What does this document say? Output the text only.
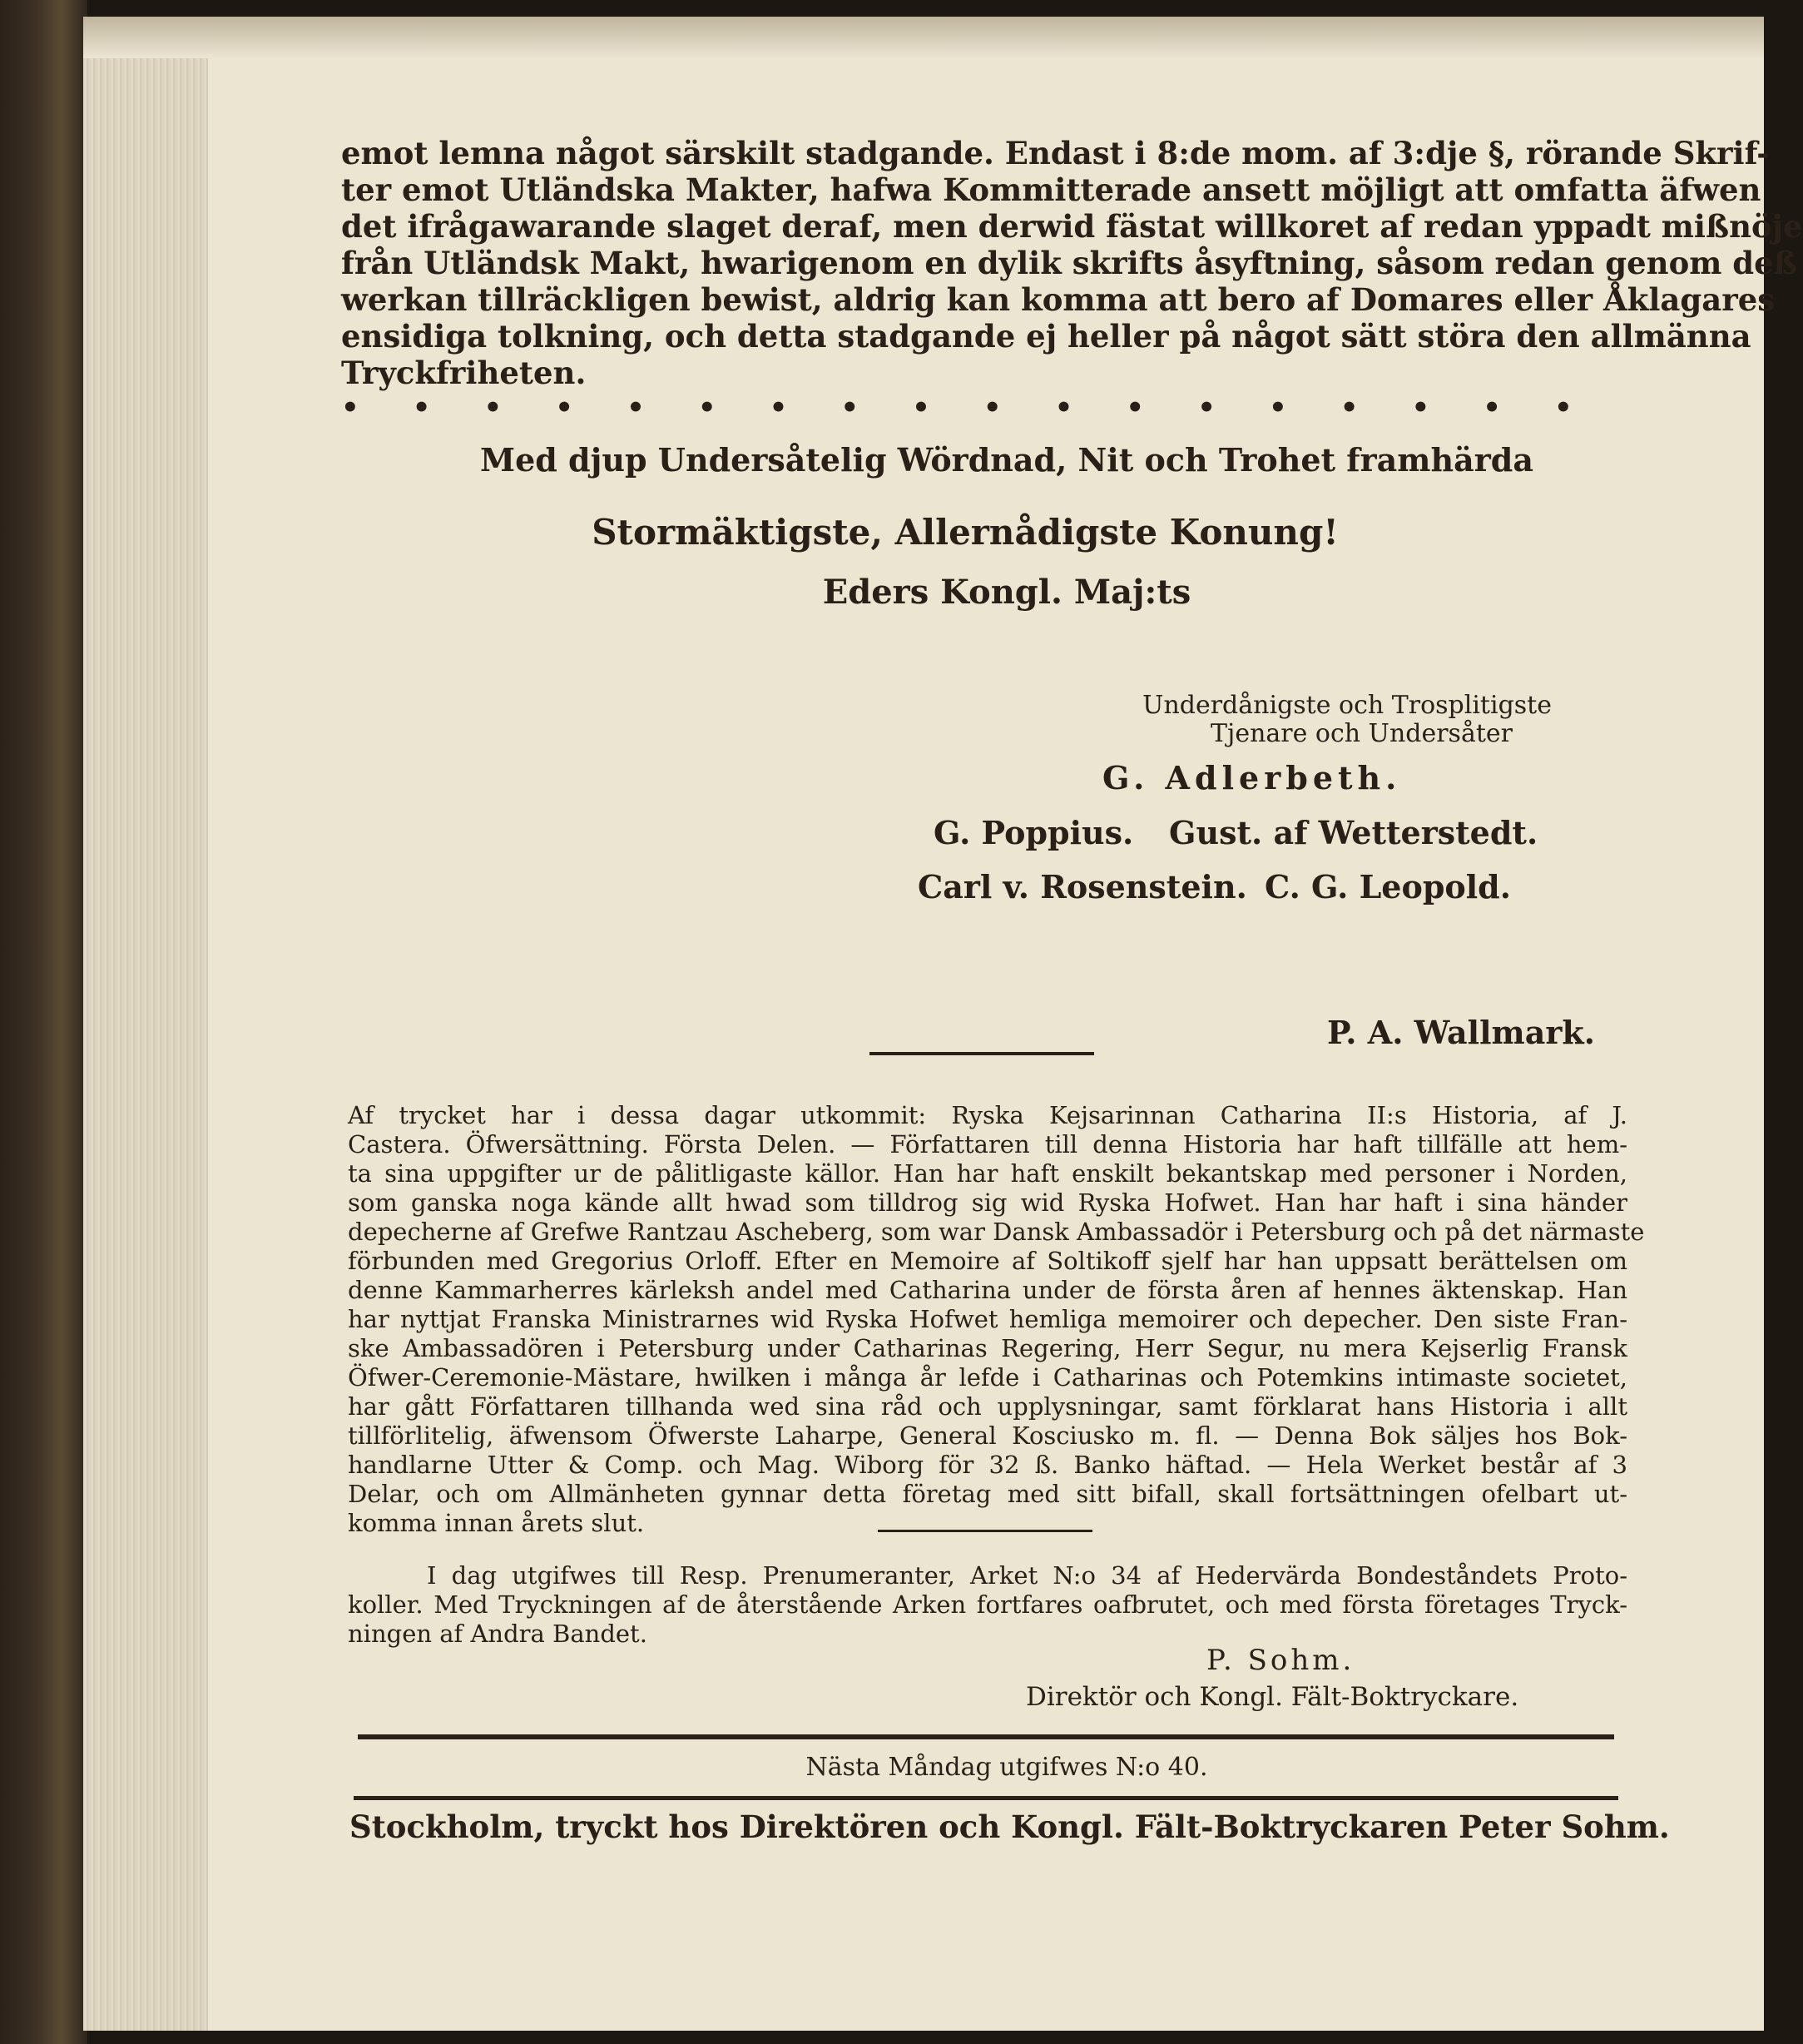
emot lemna något särskilt stadgande. Endast i 8:de mom. af 3:dje §, rörande Skrif-
ter emot Utländska Makter, hafwa Kommitterade ansett möjligt att omfatta äfwen
det ifrågawarande slaget deraf, men derwid fästat willkoret af redan yppadt mißnöje
från Utländsk Makt, hwarigenom en dylik skrifts åsyftning, såsom redan genom deß
werkan tillräckligen bewist, aldrig kan komma att bero af Domares eller Åklagares
ensidiga tolkning, och detta stadgande ej heller på något sätt störa den allmänna
Tryckfriheten.
• • • • • • • • • • • • • • • • • •
Med djup Undersåtelig Wördnad, Nit och Trohet framhärda
Stormäktigste, Allernådigste Konung!
Eders Kongl. Maj:ts
Underdånigste och Trosplitigste
Tjenare och Undersåter
G. Adlerbeth.
G. Poppius. Gust. af Wetterstedt.
Carl v. Rosenstein. C. G. Leopold.
P. A. Wallmark.
Af trycket har i dessa dagar utkommit: Ryska Kejsarinnan Catharina II:s Historia, af J.
Castera. Öfwersättning. Första Delen. — Författaren till denna Historia har haft tillfälle att hem-
ta sina uppgifter ur de pålitligaste källor. Han har haft enskilt bekantskap med personer i Norden,
som ganska noga kände allt hwad som tilldrog sig wid Ryska Hofwet. Han har haft i sina händer
depecherne af Grefwe Rantzau Ascheberg, som war Dansk Ambassadör i Petersburg och på det närmaste
förbunden med Gregorius Orloff. Efter en Memoire af Soltikoff sjelf har han uppsatt berättelsen om
denne Kammarherres kärleksh andel med Catharina under de första åren af hennes äktenskap. Han
har nyttjat Franska Ministrarnes wid Ryska Hofwet hemliga memoirer och depecher. Den siste Fran-
ske Ambassadören i Petersburg under Catharinas Regering, Herr Segur, nu mera Kejserlig Fransk
Öfwer-Ceremonie-Mästare, hwilken i många år lefde i Catharinas och Potemkins intimaste societet,
har gått Författaren tillhanda wed sina råd och upplysningar, samt förklarat hans Historia i allt
tillförlitelig, äfwensom Öfwerste Laharpe, General Kosciusko m. fl. — Denna Bok säljes hos Bok-
handlarne Utter & Comp. och Mag. Wiborg för 32 ß. Banko häftad. — Hela Werket består af 3
Delar, och om Allmänheten gynnar detta företag med sitt bifall, skall fortsättningen ofelbart ut-
komma innan årets slut.
I dag utgifwes till Resp. Prenumeranter, Arket N:o 34 af Hedervärda Bondeståndets Proto-
koller. Med Tryckningen af de återstående Arken fortfares oafbrutet, och med första företages Tryck-
ningen af Andra Bandet.
P. Sohm.
Direktör och Kongl. Fält-Boktryckare.
Nästa Måndag utgifwes N:o 40.
Stockholm, tryckt hos Direktören och Kongl. Fält-Boktryckaren Peter Sohm.
